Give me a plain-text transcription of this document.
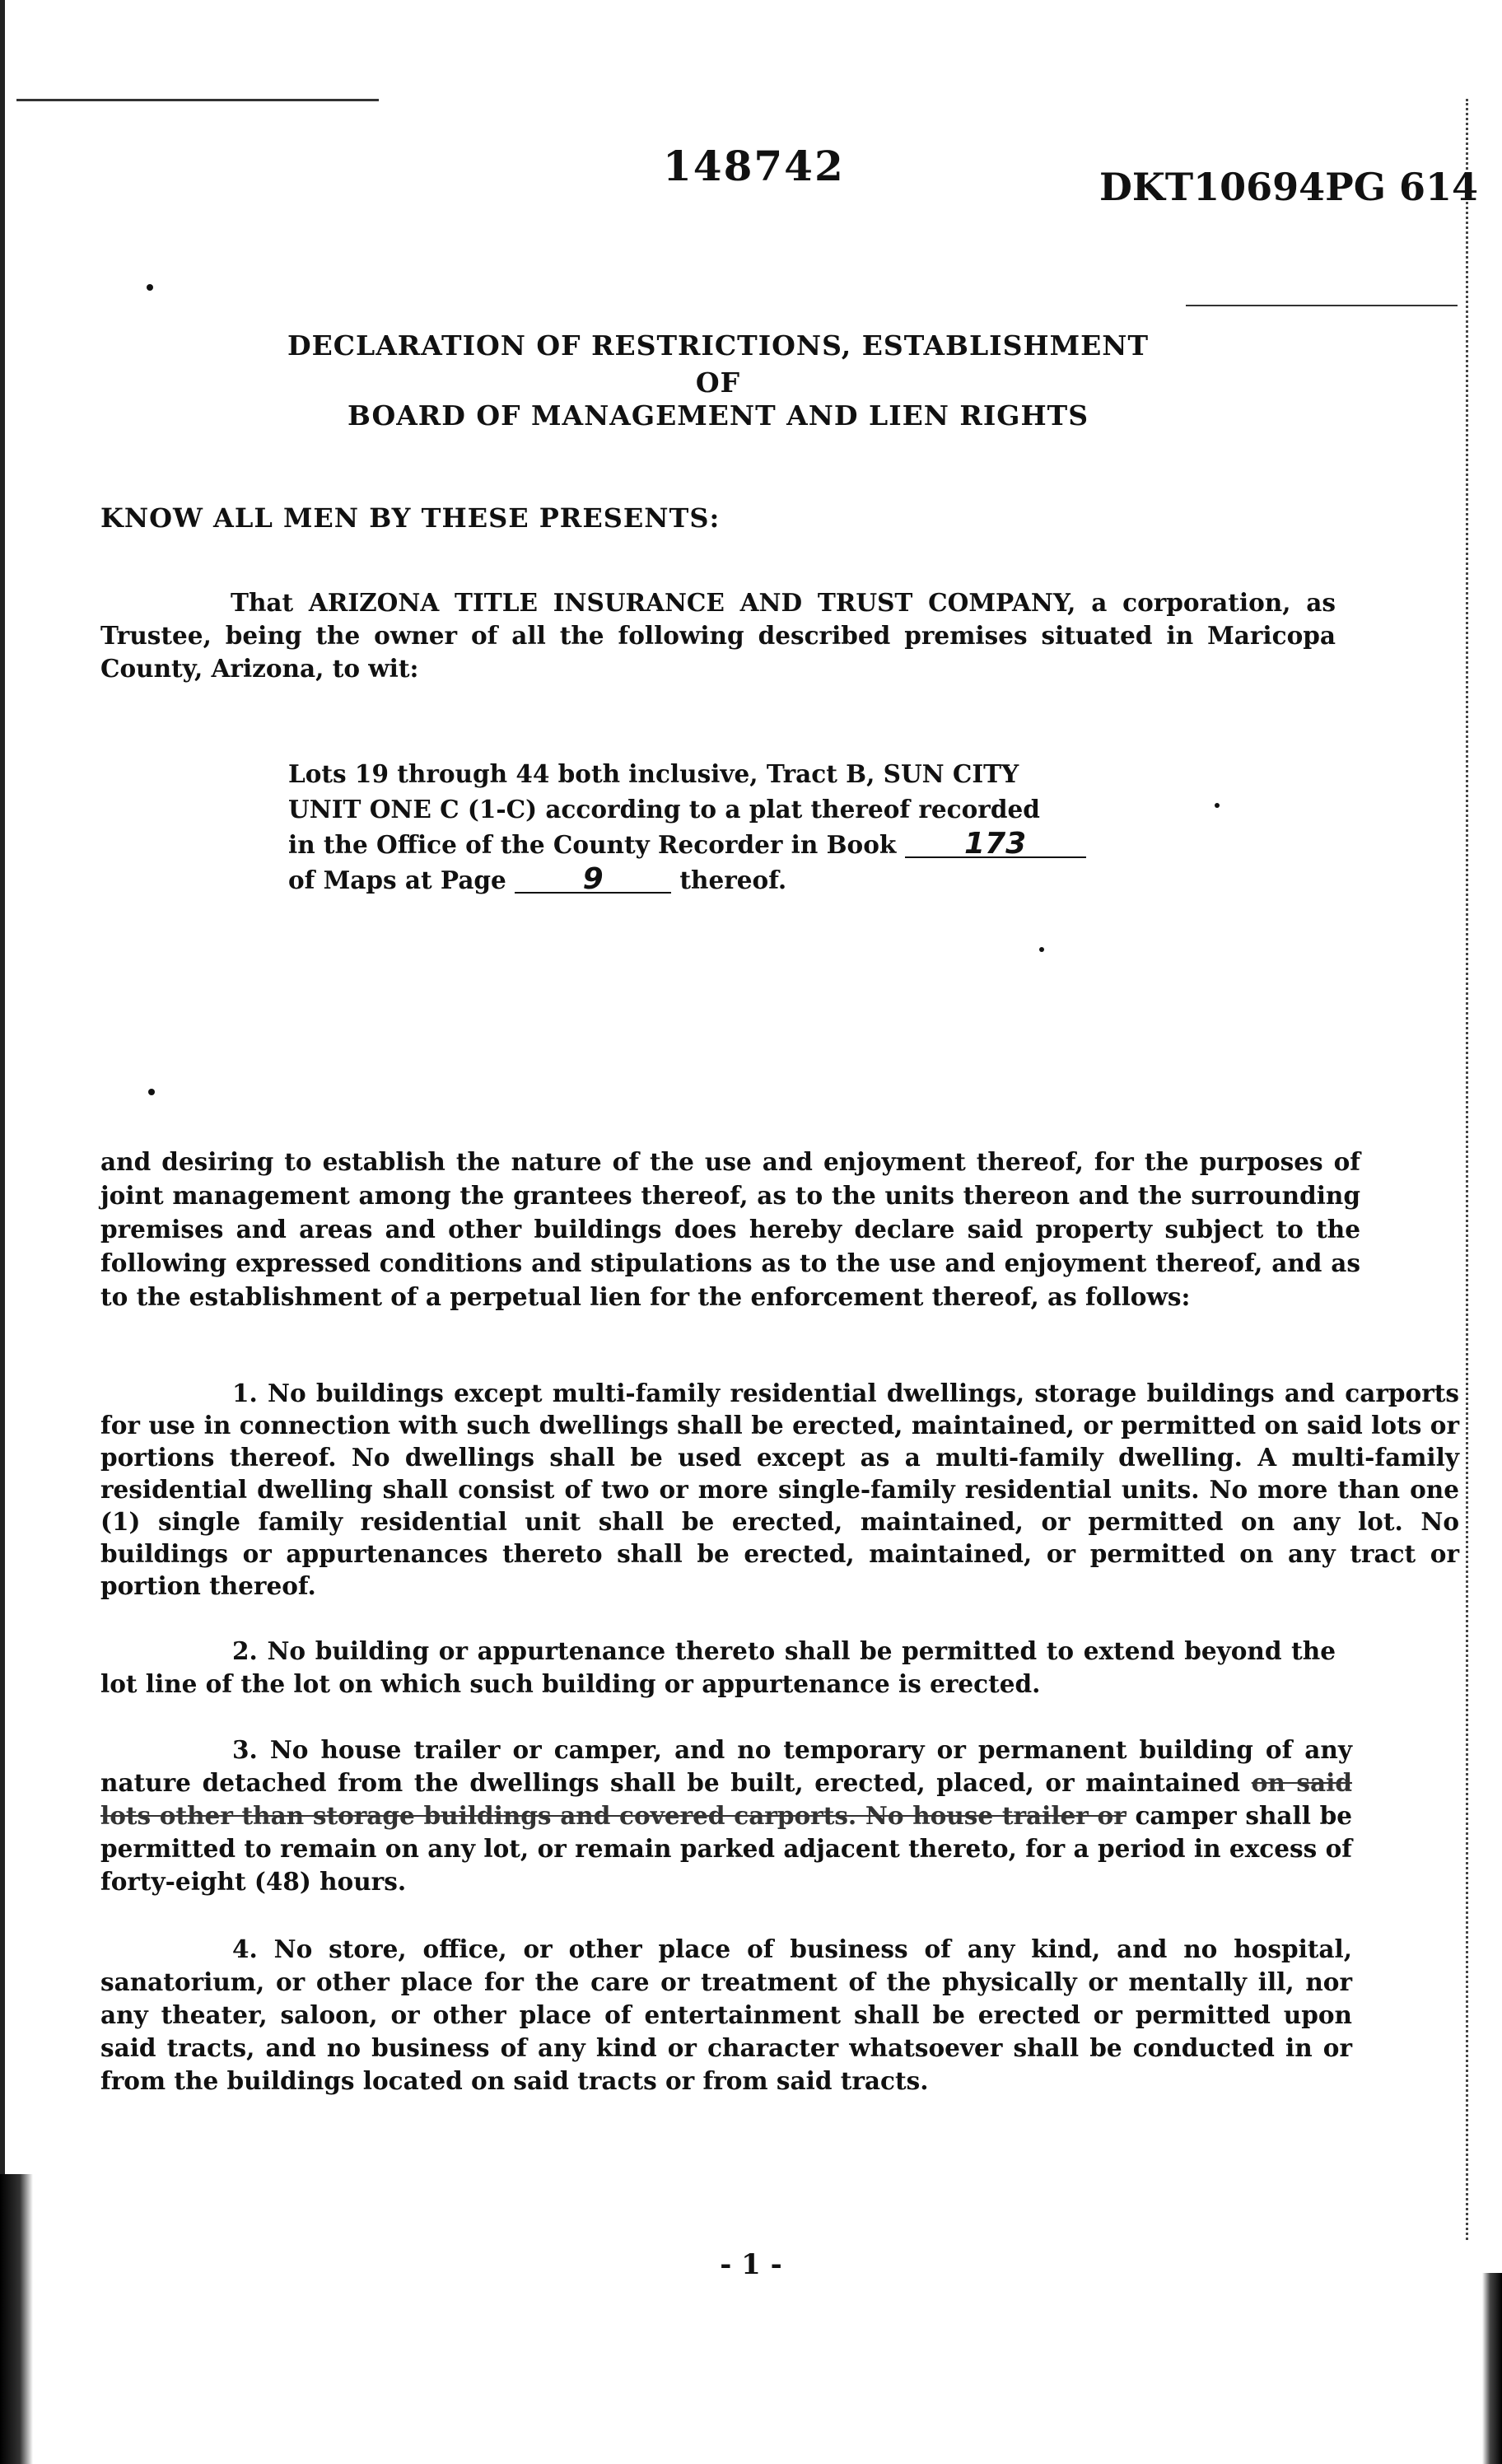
148742	DKT10694PG 614
DECLARATION OF RESTRICTIONS, ESTABLISHMENT
OF
BOARD OF MANAGEMENT AND LIEN RIGHTS
KNOW ALL MEN BY THESE PRESENTS:
That ARIZONA TITLE INSURANCE AND TRUST COMPANY, a corporation, as Trustee, being the owner of all the following described premises situated in Maricopa County, Arizona, to wit:
Lots 19 through 44 both inclusive, Tract B, SUN CITY
UNIT ONE C (1-C) according to a plat thereof recorded
in the Office of the County Recorder in Book 173
of Maps at Page	9	thereof.
and desiring to establish the nature of the use and enjoyment thereof, for the purposes of joint management among the grantees thereof, as to the units thereon and the surrounding premises and areas and other buildings does hereby declare said property subject to the following expressed conditions and stipulations as to the use and enjoyment thereof, and as to the establishment of a perpetual lien for the enforcement thereof, as follows:
1. No buildings except multi-family residential dwellings, storage buildings and carports for use in connection with such dwellings shall be erected, maintained, or permitted on said lots or portions thereof. No dwellings shall be used except as a multi-family dwelling. A multi-family residential dwelling shall consist of two or more single-family residential units. No more than one (1) single family residential unit shall be erected, maintained, or permitted on any lot. No buildings or appurtenances thereto shall be erected, maintained, or permitted on any tract or portion thereof.
2. No building or appurtenance thereto shall be permitted to extend beyond the lot line of the lot on which such building or appurtenance is erected.
3. No house trailer or camper, and no temporary or permanent building of any nature detached from the dwellings shall be built, erected, placed, or maintained on said lots other than storage buildings and covered carports. No house trailer or camper shall be permitted to remain on any lot, or remain parked adjacent thereto, for a period in excess of forty-eight (48) hours.
4. No store, office, or other place of business of any kind, and no hospital, sanatorium, or other place for the care or treatment of the physically or mentally ill, nor any theater, saloon, or other place of entertainment shall be erected or permitted upon said tracts, and no business of any kind or character whatsoever shall be conducted in or from the buildings located on said tracts or from said tracts.
- 1 -
